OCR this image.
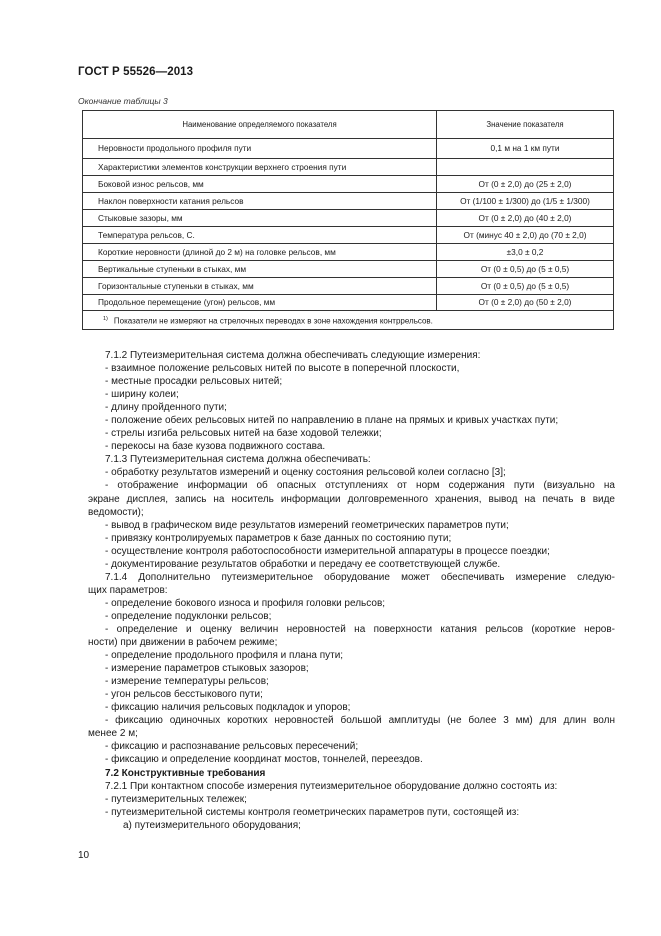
ГОСТ Р 55526—2013
Окончание таблицы 3
Наименование определяемого показателя	Значение показателя
Неровности продольного профиля пути	0,1 м на 1 км пути
Характеристики элементов конструкции верхнего строения пути	
Боковой износ рельсов, мм	От (0 ± 2,0) до (25 ± 2,0)
Наклон поверхности катания рельсов	От (1/100 ± 1/300) до (1/5 ± 1/300)
Стыковые зазоры, мм	От (0 ± 2,0) до (40 ± 2,0)
Температура рельсов, С.	От (минус 40 ± 2,0) до (70 ± 2,0)
Короткие неровности (длиной до 2 м) на головке рельсов, мм	±3,0 ± 0,2
Вертикальные ступеньки в стыках, мм	От (0 ± 0,5) до (5 ± 0,5)
Горизонтальные ступеньки в стыках, мм	От (0 ± 0,5) до (5 ± 0,5)
Продольное перемещение (угон) рельсов, мм	От (0 ± 2,0) до (50 ± 2,0)
$^{1)}$ Показатели не измеряют на стрелочных переводах в зоне нахождения контррельсов.	

7.1.2 Путеизмерительная система должна обеспечивать следующие измерения:

- взаимное положение рельсовых нитей по высоте в поперечной плоскости,

- местные просадки рельсовых нитей;

- ширину колеи;

- длину пройденного пути;

- положение обеих рельсовых нитей по направлению в плане на прямых и кривых участках пути;

- стрелы изгиба рельсовых нитей на базе ходовой тележки;

- перекосы на базе кузова подвижного состава.

7.1.3 Путеизмерительная система должна обеспечивать:

- обработку результатов измерений и оценку состояния рельсовой колеи согласно [3];

- отображение информации об опасных отступлениях от норм содержания пути (визуально на

экране дисплея, запись на носитель информации долговременного хранения, вывод на печать в виде

ведомости);

- вывод в графическом виде результатов измерений геометрических параметров пути;

- привязку контролируемых параметров к базе данных по состоянию пути;

- осуществление контроля работоспособности измерительной аппаратуры в процессе поездки;

- документирование результатов обработки и передачу ее соответствующей службе.

7.1.4 Дополнительно путеизмерительное оборудование может обеспечивать измерение следую-

щих параметров:

- определение бокового износа и профиля головки рельсов;

- определение подуклонки рельсов;

- определение и оценку величин неровностей на поверхности катания рельсов (короткие неров-

ности) при движении в рабочем режиме;

- определение продольного профиля и плана пути;

- измерение параметров стыковых зазоров;

- измерение температуры рельсов;

- угон рельсов бесстыкового пути;

- фиксацию наличия рельсовых подкладок и упоров;

- фиксацию одиночных коротких неровностей большой амплитуды (не более 3 мм) для длин волн

менее 2 м;

- фиксацию и распознавание рельсовых пересечений;

- фиксацию и определение координат мостов, тоннелей, переездов.

7.2 Конструктивные требования

7.2.1 При контактном способе измерения путеизмерительное оборудование должно состоять из:

- путеизмерительных тележек;

- путеизмерительной системы контроля геометрических параметров пути, состоящей из:

а) путеизмерительного оборудования;

10
